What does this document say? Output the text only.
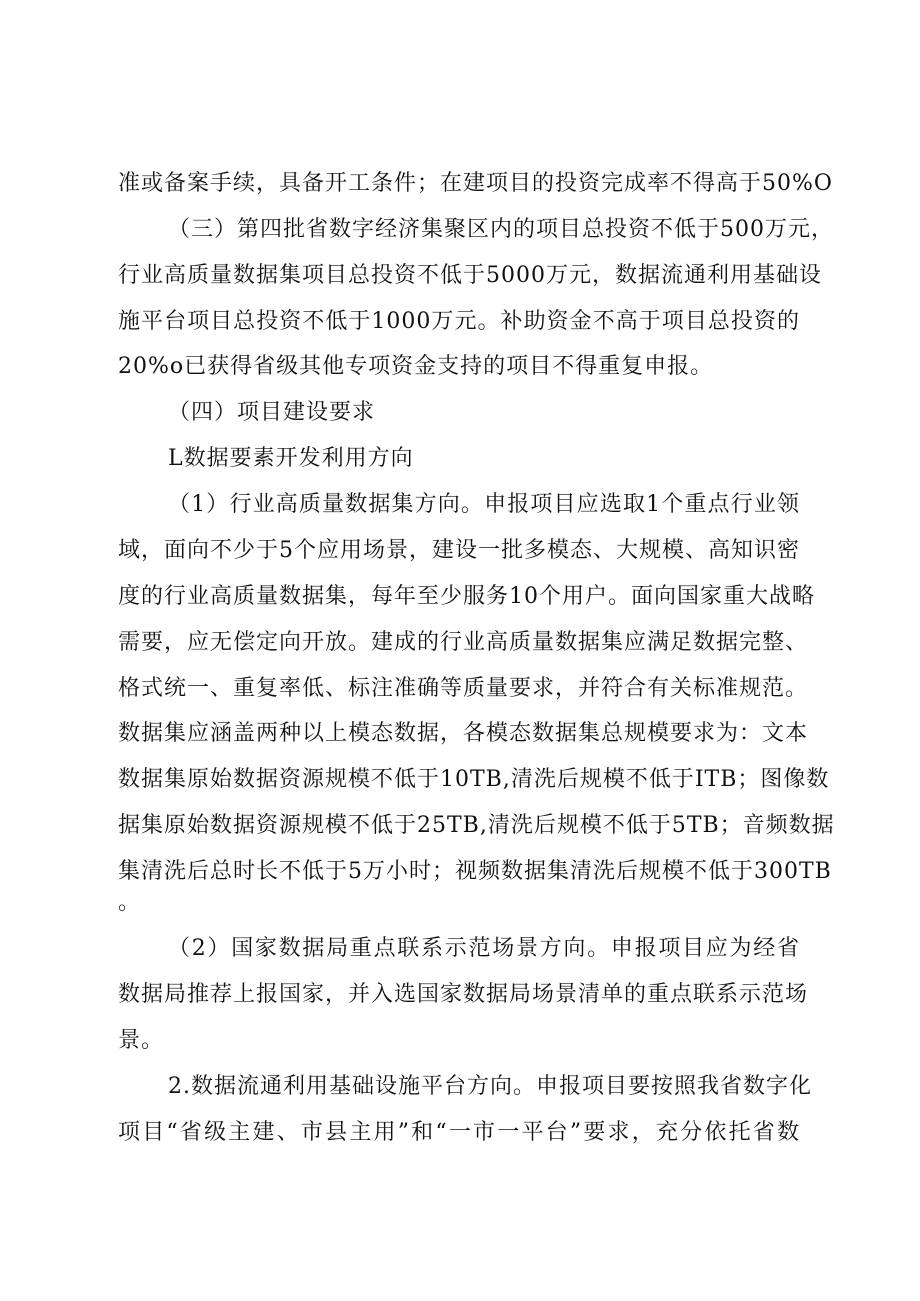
准或备案手续，具备开工条件；在建项目的投资完成率不得高于50%O
（三）第四批省数字经济集聚区内的项目总投资不低于500万元，
行业高质量数据集项目总投资不低于5000万元，数据流通利用基础设
施平台项目总投资不低于1000万元。补助资金不高于项目总投资的
20%o已获得省级其他专项资金支持的项目不得重复申报。
（四）项目建设要求
L数据要素开发利用方向
（1）行业高质量数据集方向。申报项目应选取1个重点行业领
域，面向不少于5个应用场景，建设一批多模态、大规模、高知识密
度的行业高质量数据集，每年至少服务10个用户。面向国家重大战略
需要，应无偿定向开放。建成的行业高质量数据集应满足数据完整、
格式统一、重复率低、标注准确等质量要求，并符合有关标准规范。
数据集应涵盖两种以上模态数据，各模态数据集总规模要求为：文本
数据集原始数据资源规模不低于10TB,清洗后规模不低于ITB；图像数
据集原始数据资源规模不低于25TB,清洗后规模不低于5TB；音频数据
集清洗后总时长不低于5万小时；视频数据集清洗后规模不低于300TB
。
（2）国家数据局重点联系示范场景方向。申报项目应为经省
数据局推荐上报国家，并入选国家数据局场景清单的重点联系示范场
景。
2.数据流通利用基础设施平台方向。申报项目要按照我省数字化
项目“省级主建、市县主用”和“一市一平台”要求，充分依托省数
